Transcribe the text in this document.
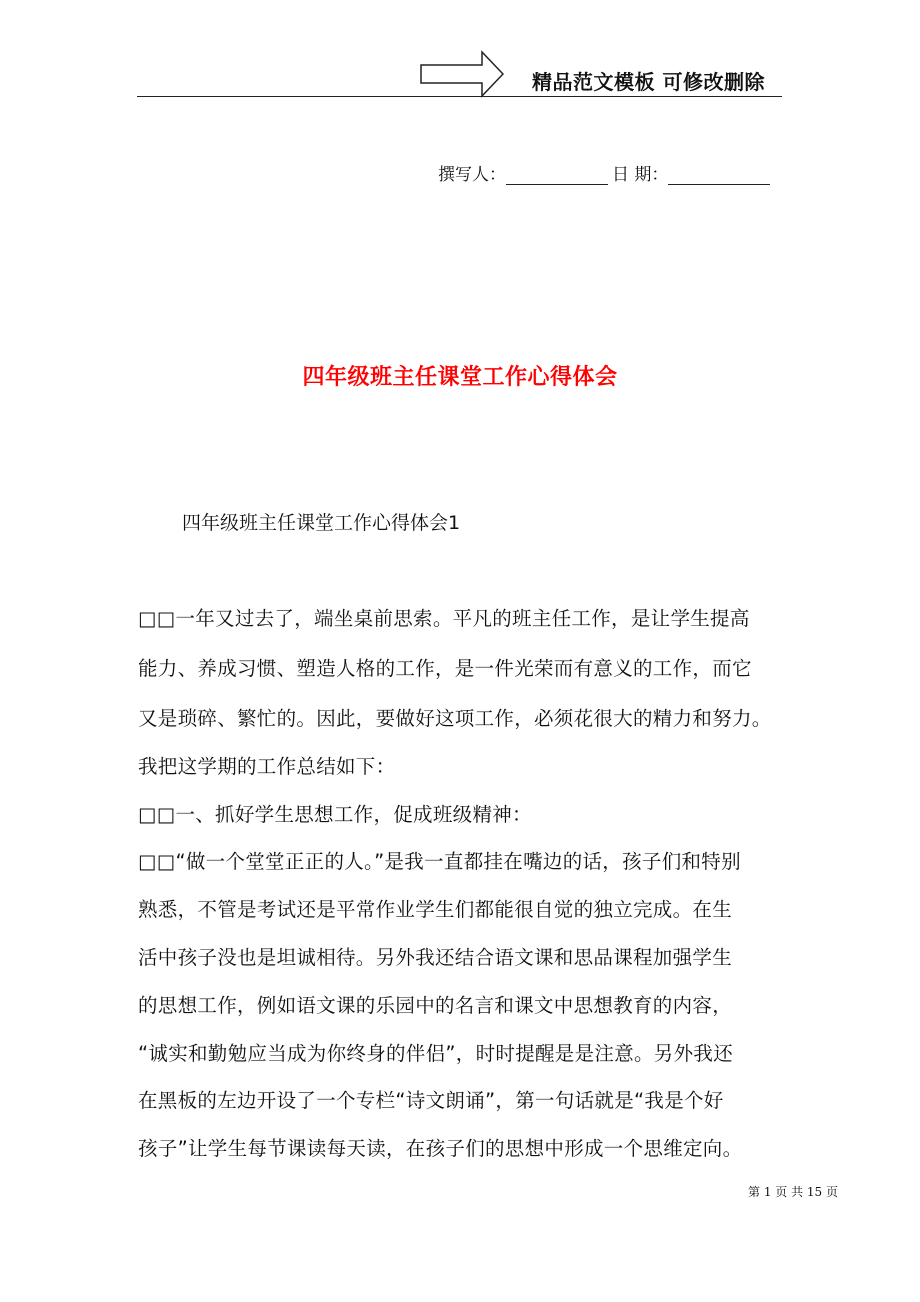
精品范文模板 可修改删除
撰写人：	日 期：
四年级班主任课堂工作心得体会
四年级班主任课堂工作心得体会1
□□一年又过去了，端坐桌前思索。平凡的班主任工作，是让学生提高
能力、养成习惯、塑造人格的工作，是一件光荣而有意义的工作，而它
又是琐碎、繁忙的。因此，要做好这项工作，必须花很大的精力和努力。
我把这学期的工作总结如下：
□□一、抓好学生思想工作，促成班级精神：
□□“做一个堂堂正正的人。”是我一直都挂在嘴边的话，孩子们和特别
熟悉，不管是考试还是平常作业学生们都能很自觉的独立完成。在生
活中孩子没也是坦诚相待。另外我还结合语文课和思品课程加强学生
的思想工作，例如语文课的乐园中的名言和课文中思想教育的内容，
“诚实和勤勉应当成为你终身的伴侣”，时时提醒是是注意。另外我还
在黑板的左边开设了一个专栏“诗文朗诵”，第一句话就是“我是个好
孩子”让学生每节课读每天读，在孩子们的思想中形成一个思维定向。
第 1 页 共 15 页
